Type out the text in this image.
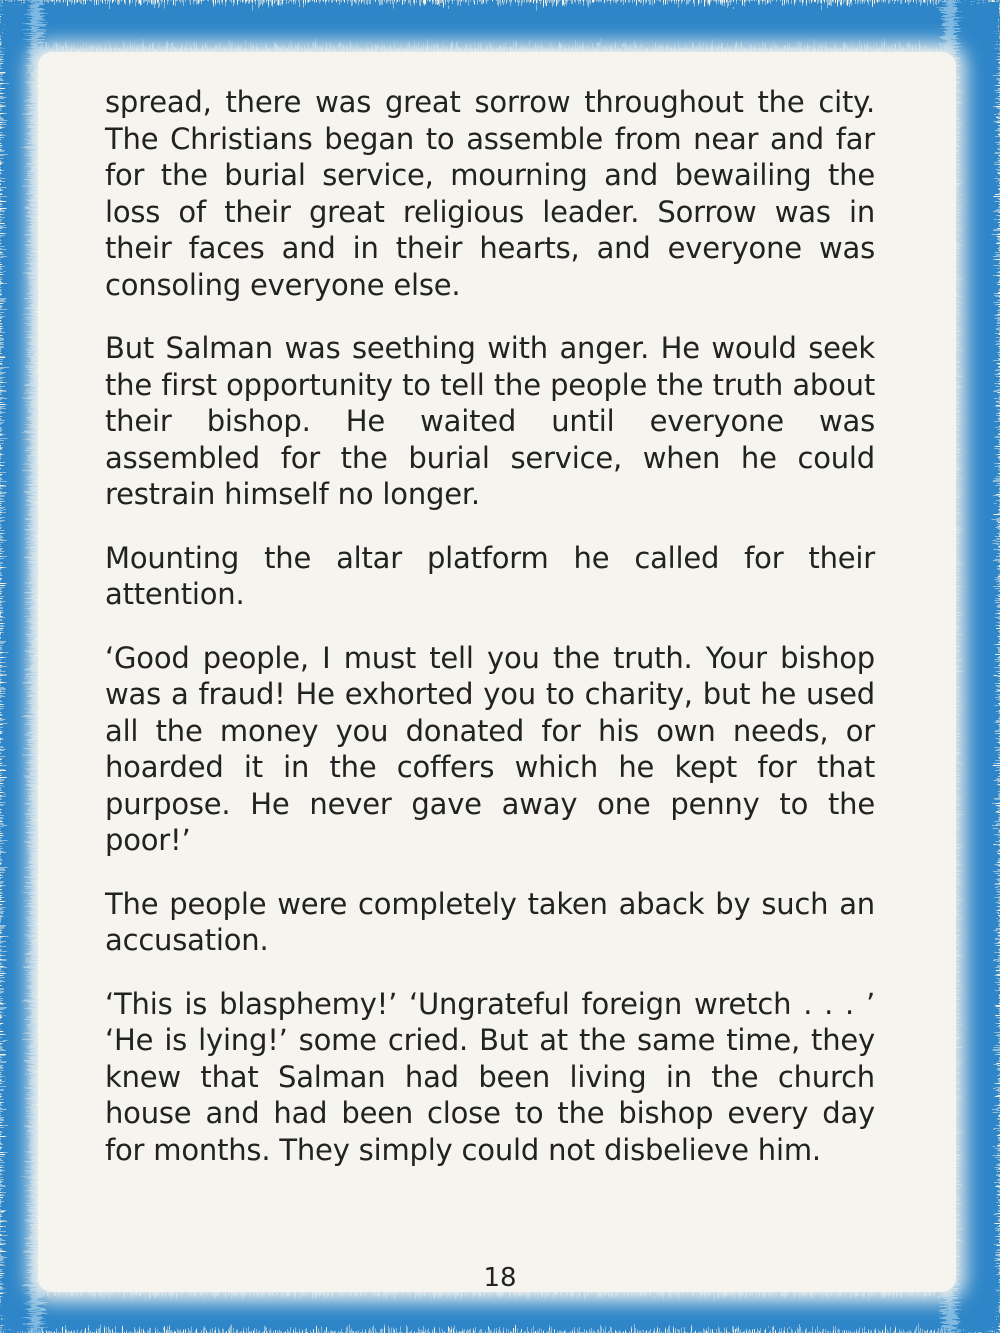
spread, there was great sorrow throughout the city. The Christians began to assemble from near and far for the burial service, mourning and bewailing the loss of their great religious leader. Sorrow was in their faces and in their hearts, and everyone was consoling everyone else.

But Salman was seething with anger. He would seek the first opportunity to tell the people the truth about their bishop. He waited until everyone was assembled for the burial service, when he could restrain himself no longer.

Mounting the altar platform he called for their attention.

‘Good people, I must tell you the truth. Your bishop was a fraud! He exhorted you to charity, but he used all the money you donated for his own needs, or hoarded it in the coffers which he kept for that purpose. He never gave away one penny to the poor!’

The people were completely taken aback by such an accusation.

‘This is blasphemy!’ ‘Ungrateful foreign wretch . . . ’ ‘He is lying!’ some cried. But at the same time, they knew that Salman had been living in the church house and had been close to the bishop every day for months. They simply could not disbelieve him.

18
